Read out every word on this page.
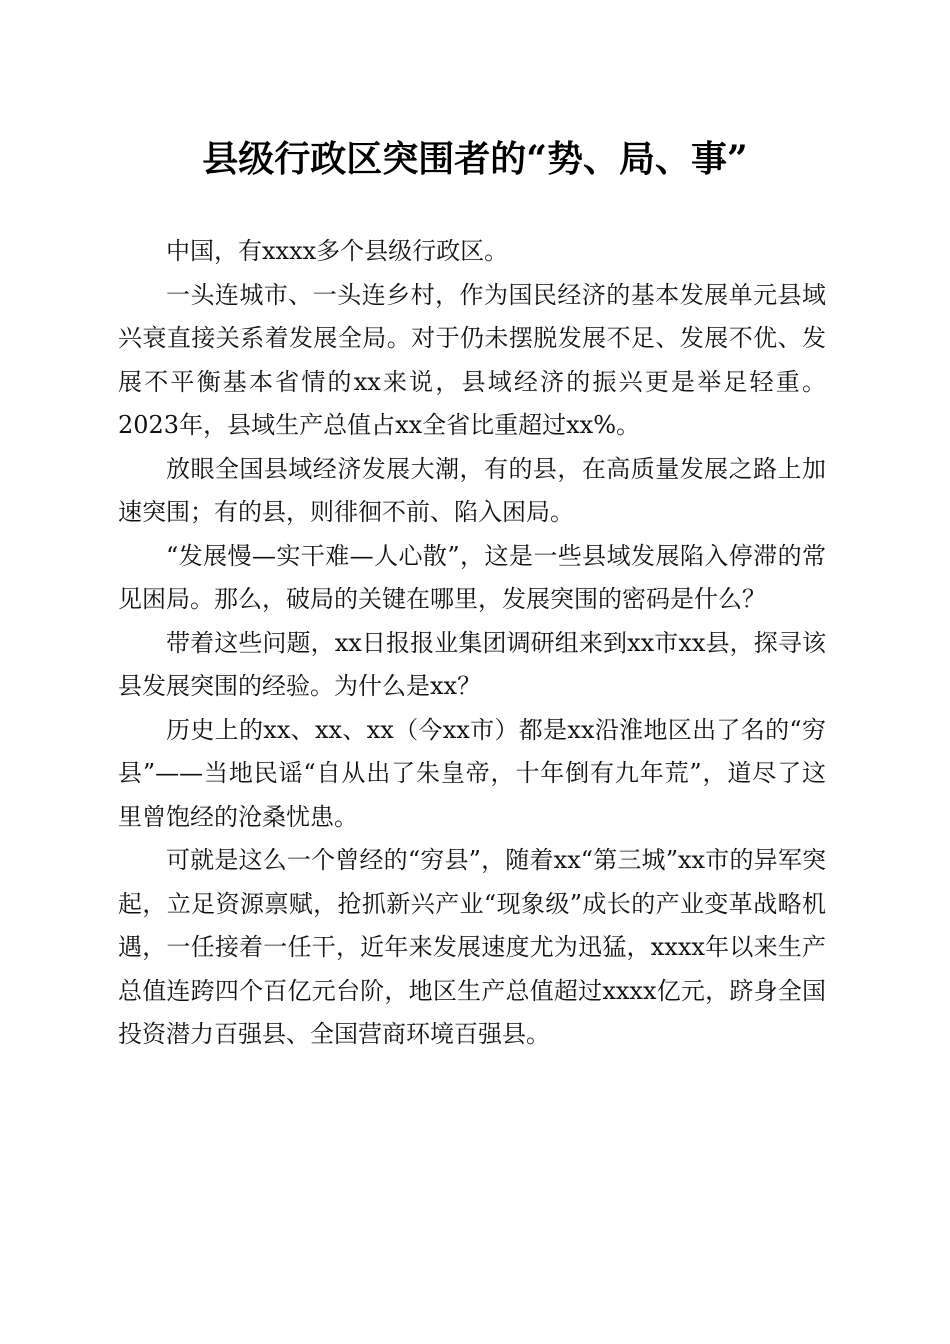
县级行政区突围者的“势、局、事”

中国，有xxxx多个县级行政区。

一头连城市、一头连乡村，作为国民经济的基本发展单元县域兴衰直接关系着发展全局。对于仍未摆脱发展不足、发展不优、发展不平衡基本省情的xx来说，县域经济的振兴更是举足轻重。2023年，县域生产总值占xx全省比重超过xx%。

放眼全国县域经济发展大潮，有的县，在高质量发展之路上加速突围；有的县，则徘徊不前、陷入困局。

“发展慢—实干难—人心散”，这是一些县域发展陷入停滞的常见困局。那么，破局的关键在哪里，发展突围的密码是什么？

带着这些问题，xx日报报业集团调研组来到xx市xx县，探寻该县发展突围的经验。为什么是xx？

历史上的xx、xx、xx（今xx市）都是xx沿淮地区出了名的“穷县”——当地民谣“自从出了朱皇帝，十年倒有九年荒”，道尽了这里曾饱经的沧桑忧患。

可就是这么一个曾经的“穷县”，随着xx“第三城”xx市的异军突起，立足资源禀赋，抢抓新兴产业“现象级”成长的产业变革战略机遇，一任接着一任干，近年来发展速度尤为迅猛，xxxx年以来生产总值连跨四个百亿元台阶，地区生产总值超过xxxx亿元，跻身全国投资潜力百强县、全国营商环境百强县。
